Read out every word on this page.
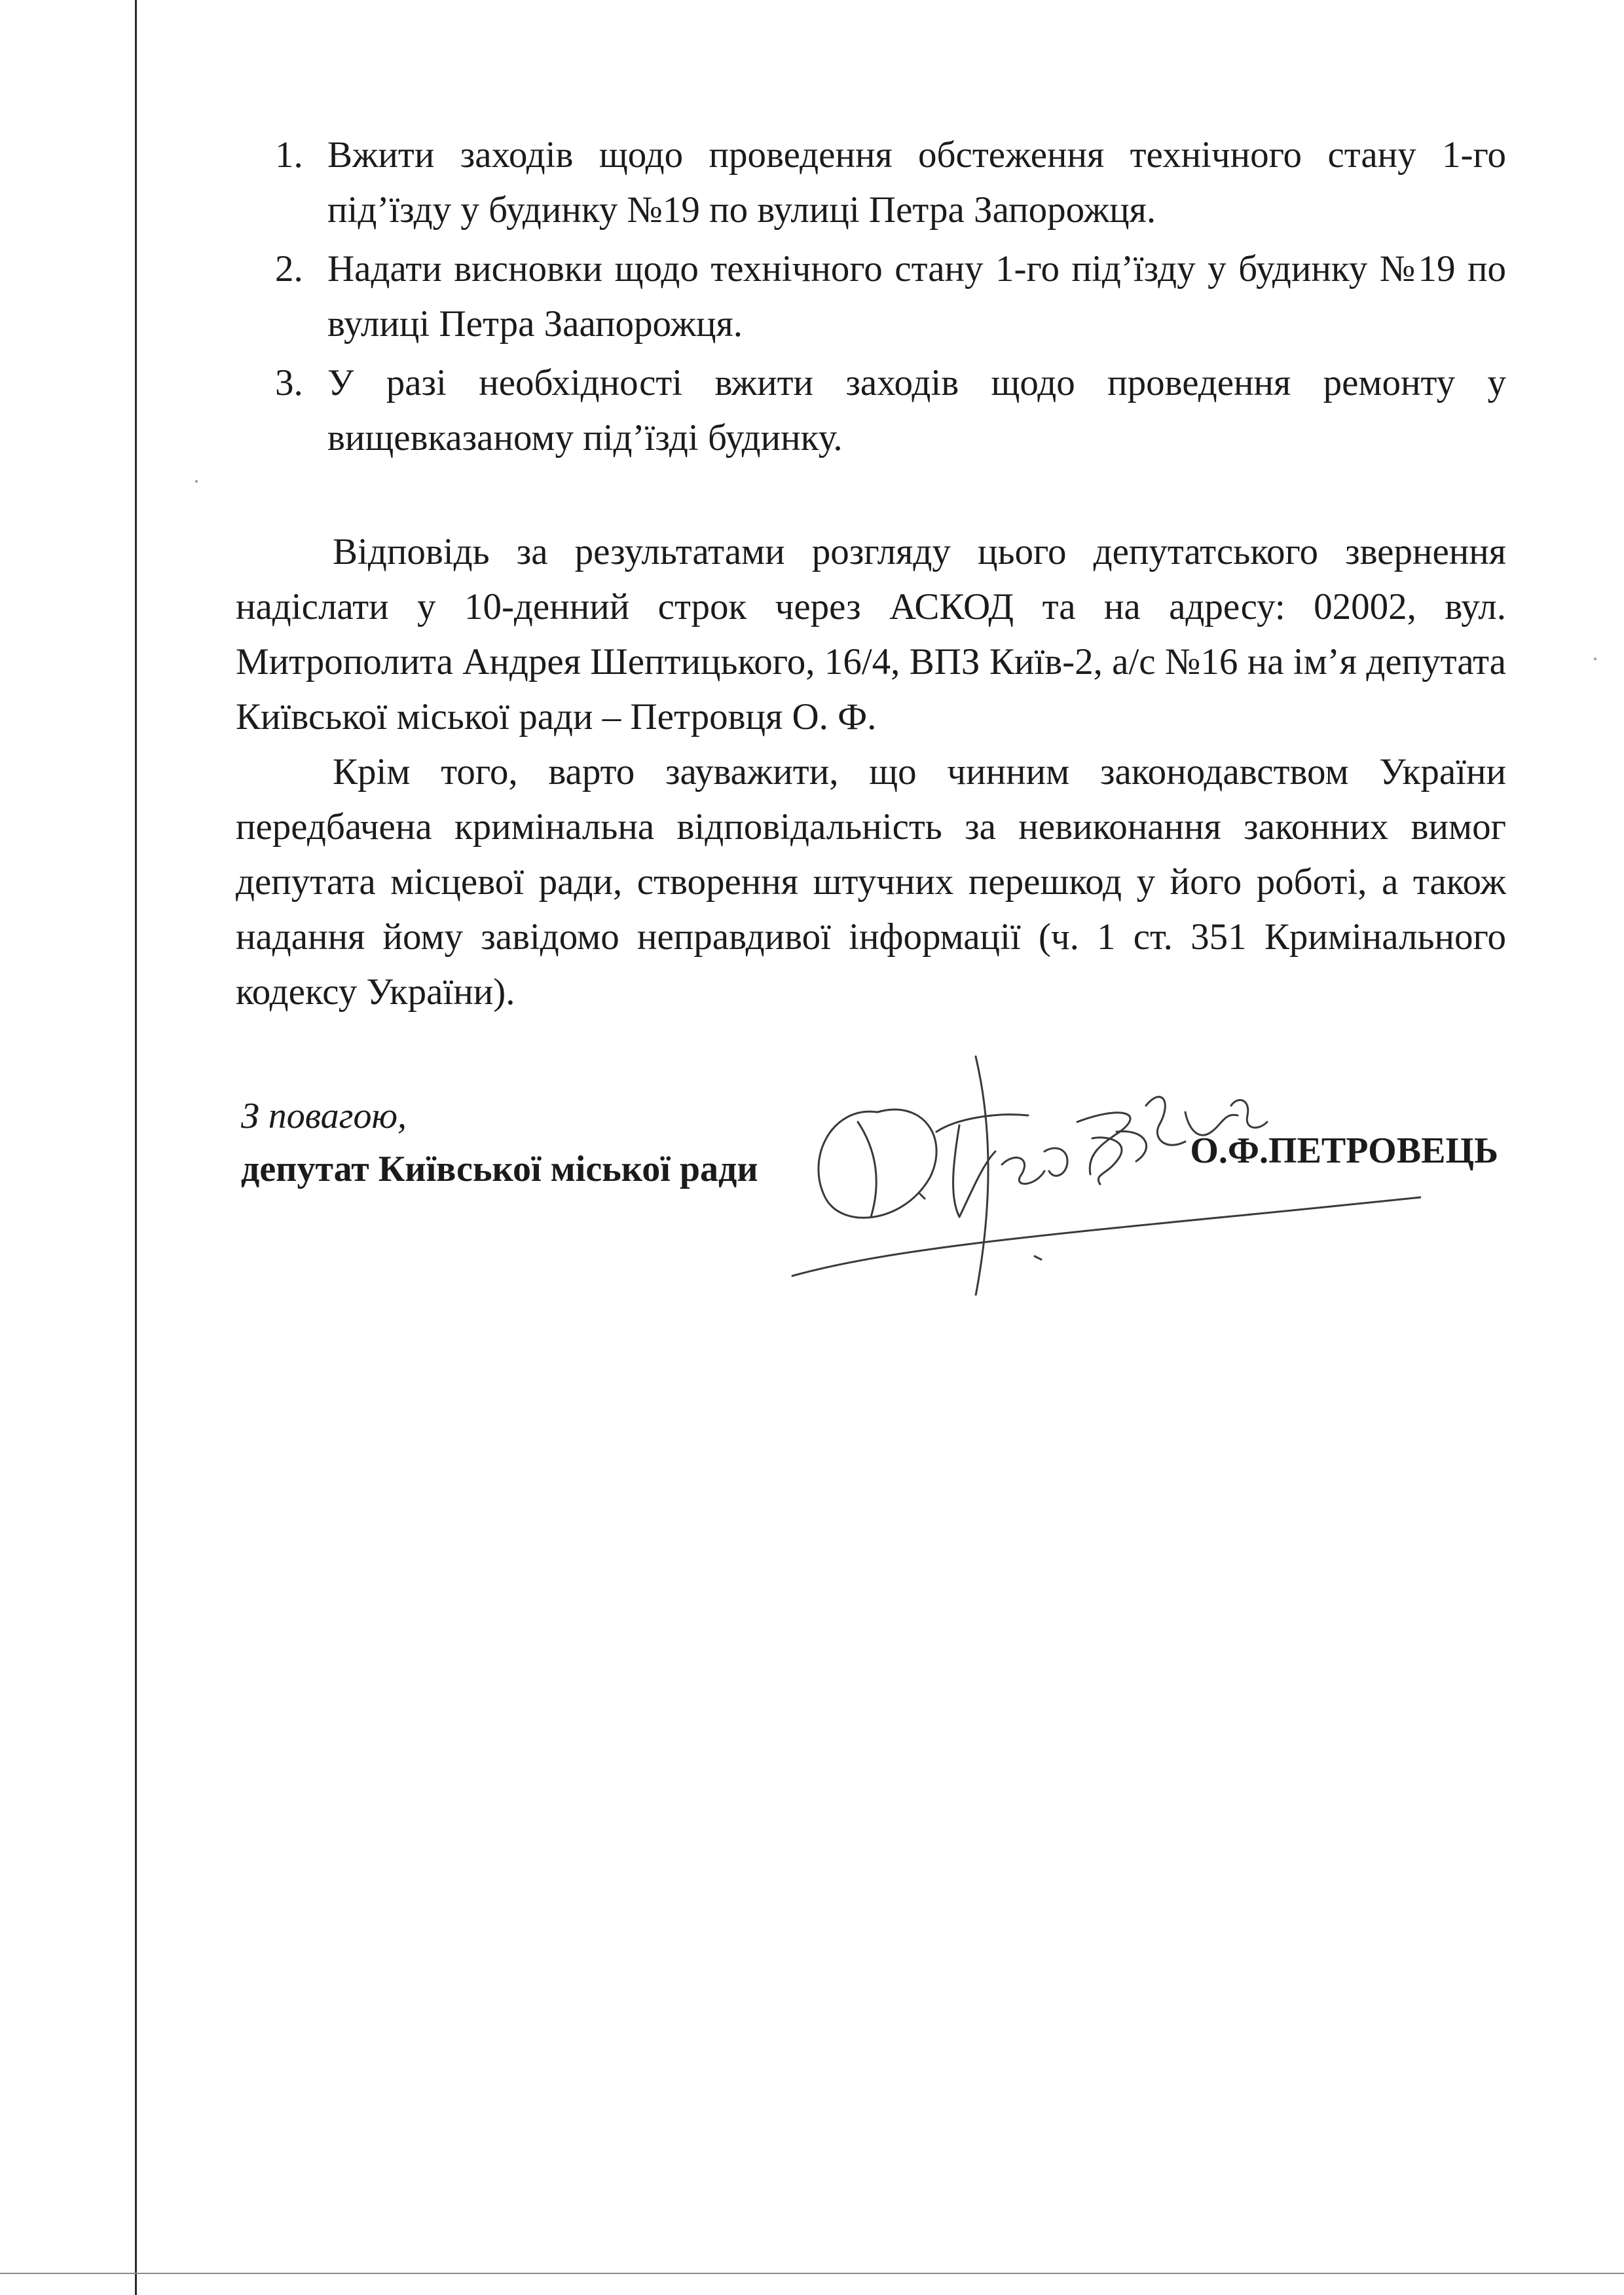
1. Вжити заходів щодо проведення обстеження технічного стану 1-го під’їзду у будинку №19 по вулиці Петра Запорожця.
2. Надати висновки щодо технічного стану 1-го під’їзду у будинку №19 по вулиці Петра Заапорожця.
3. У разі необхідності вжити заходів щодо проведення ремонту у вищевказаному під’їзді будинку.

Відповідь за результатами розгляду цього депутатського звернення надіслати у 10-денний строк через АСКОД та на адресу: 02002, вул. Митрополита Андрея Шептицького, 16/4, ВПЗ Київ-2, а/с №16 на ім’я депутата Київської міської ради – Петровця О. Ф.

Крім того, варто зауважити, що чинним законодавством України передбачена кримінальна відповідальність за невиконання законних вимог депутата місцевої ради, створення штучних перешкод у його роботі, а також надання йому завідомо неправдивої інформації (ч. 1 ст. 351 Кримінального кодексу України).

З повагою,
депутат Київської міської ради	О.Ф.ПЕТРОВЕЦЬ
